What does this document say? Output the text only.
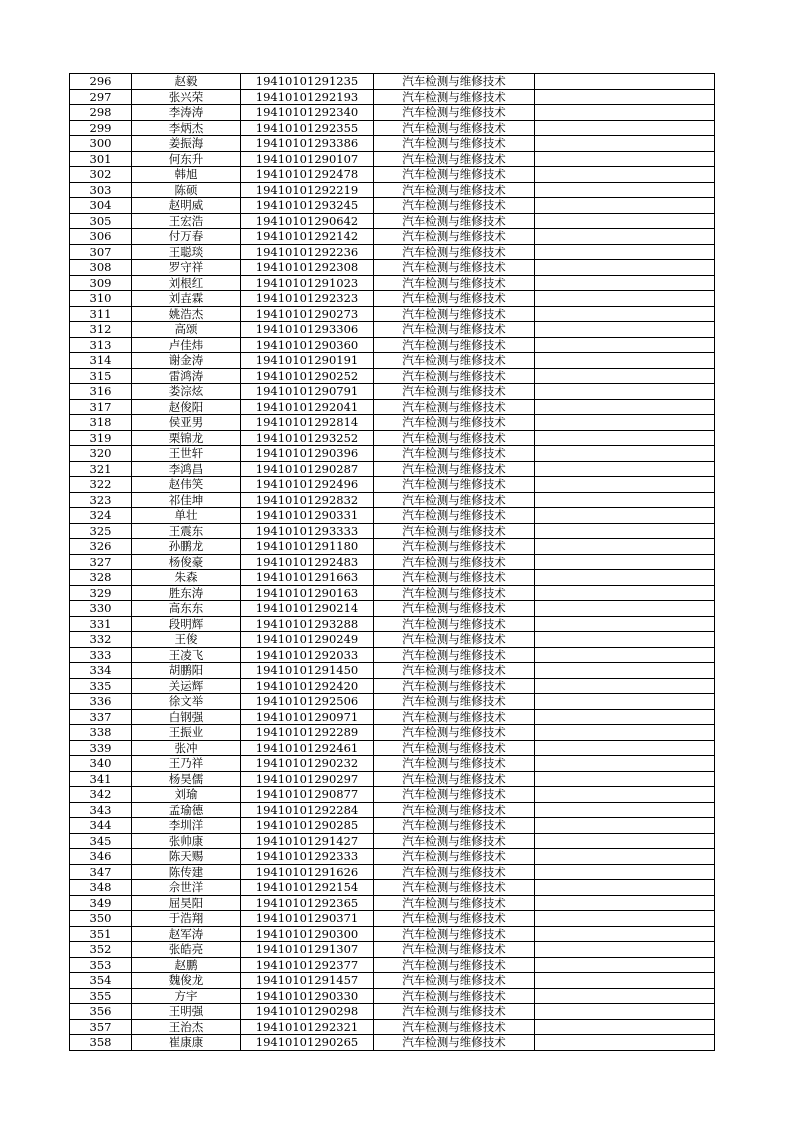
296	赵毅	19410101291235	汽车检测与维修技术	
297	张兴荣	19410101292193	汽车检测与维修技术	
298	李涛涛	19410101292340	汽车检测与维修技术	
299	李炳杰	19410101292355	汽车检测与维修技术	
300	姜振海	19410101293386	汽车检测与维修技术	
301	何东升	19410101290107	汽车检测与维修技术	
302	韩旭	19410101292478	汽车检测与维修技术	
303	陈硕	19410101292219	汽车检测与维修技术	
304	赵明威	19410101293245	汽车检测与维修技术	
305	王宏浩	19410101290642	汽车检测与维修技术	
306	付万春	19410101292142	汽车检测与维修技术	
307	王聪琰	19410101292236	汽车检测与维修技术	
308	罗守祥	19410101292308	汽车检测与维修技术	
309	刘根红	19410101291023	汽车检测与维修技术	
310	刘壵霖	19410101292323	汽车检测与维修技术	
311	姚浩杰	19410101290273	汽车检测与维修技术	
312	高颂	19410101293306	汽车检测与维修技术	
313	卢佳炜	19410101290360	汽车检测与维修技术	
314	谢金涛	19410101290191	汽车检测与维修技术	
315	雷鸿涛	19410101290252	汽车检测与维修技术	
316	娄淙炫	19410101290791	汽车检测与维修技术	
317	赵俊阳	19410101292041	汽车检测与维修技术	
318	侯亚男	19410101292814	汽车检测与维修技术	
319	栗锦龙	19410101293252	汽车检测与维修技术	
320	王世轩	19410101290396	汽车检测与维修技术	
321	李鸿昌	19410101290287	汽车检测与维修技术	
322	赵伟笑	19410101292496	汽车检测与维修技术	
323	祁佳坤	19410101292832	汽车检测与维修技术	
324	单壮	19410101290331	汽车检测与维修技术	
325	王震东	19410101293333	汽车检测与维修技术	
326	孙鹏龙	19410101291180	汽车检测与维修技术	
327	杨俊豪	19410101292483	汽车检测与维修技术	
328	朱森	19410101291663	汽车检测与维修技术	
329	胜东涛	19410101290163	汽车检测与维修技术	
330	高东东	19410101290214	汽车检测与维修技术	
331	段明辉	19410101293288	汽车检测与维修技术	
332	王俊	19410101290249	汽车检测与维修技术	
333	王凌飞	19410101292033	汽车检测与维修技术	
334	胡鹏阳	19410101291450	汽车检测与维修技术	
335	关运辉	19410101292420	汽车检测与维修技术	
336	徐文举	19410101292506	汽车检测与维修技术	
337	白钢强	19410101290971	汽车检测与维修技术	
338	王振业	19410101292289	汽车检测与维修技术	
339	张冲	19410101292461	汽车检测与维修技术	
340	王乃祥	19410101290232	汽车检测与维修技术	
341	杨昊儒	19410101290297	汽车检测与维修技术	
342	刘瑜	19410101290877	汽车检测与维修技术	
343	孟瑜德	19410101292284	汽车检测与维修技术	
344	李圳洋	19410101290285	汽车检测与维修技术	
345	张帅康	19410101291427	汽车检测与维修技术	
346	陈天赐	19410101292333	汽车检测与维修技术	
347	陈传建	19410101291626	汽车检测与维修技术	
348	佘世洋	19410101292154	汽车检测与维修技术	
349	屈昊阳	19410101292365	汽车检测与维修技术	
350	于浩翔	19410101290371	汽车检测与维修技术	
351	赵军涛	19410101290300	汽车检测与维修技术	
352	张皓亮	19410101291307	汽车检测与维修技术	
353	赵鹏	19410101292377	汽车检测与维修技术	
354	魏俊龙	19410101291457	汽车检测与维修技术	
355	方宇	19410101290330	汽车检测与维修技术	
356	王明强	19410101290298	汽车检测与维修技术	
357	王治杰	19410101292321	汽车检测与维修技术	
358	崔康康	19410101290265	汽车检测与维修技术	
